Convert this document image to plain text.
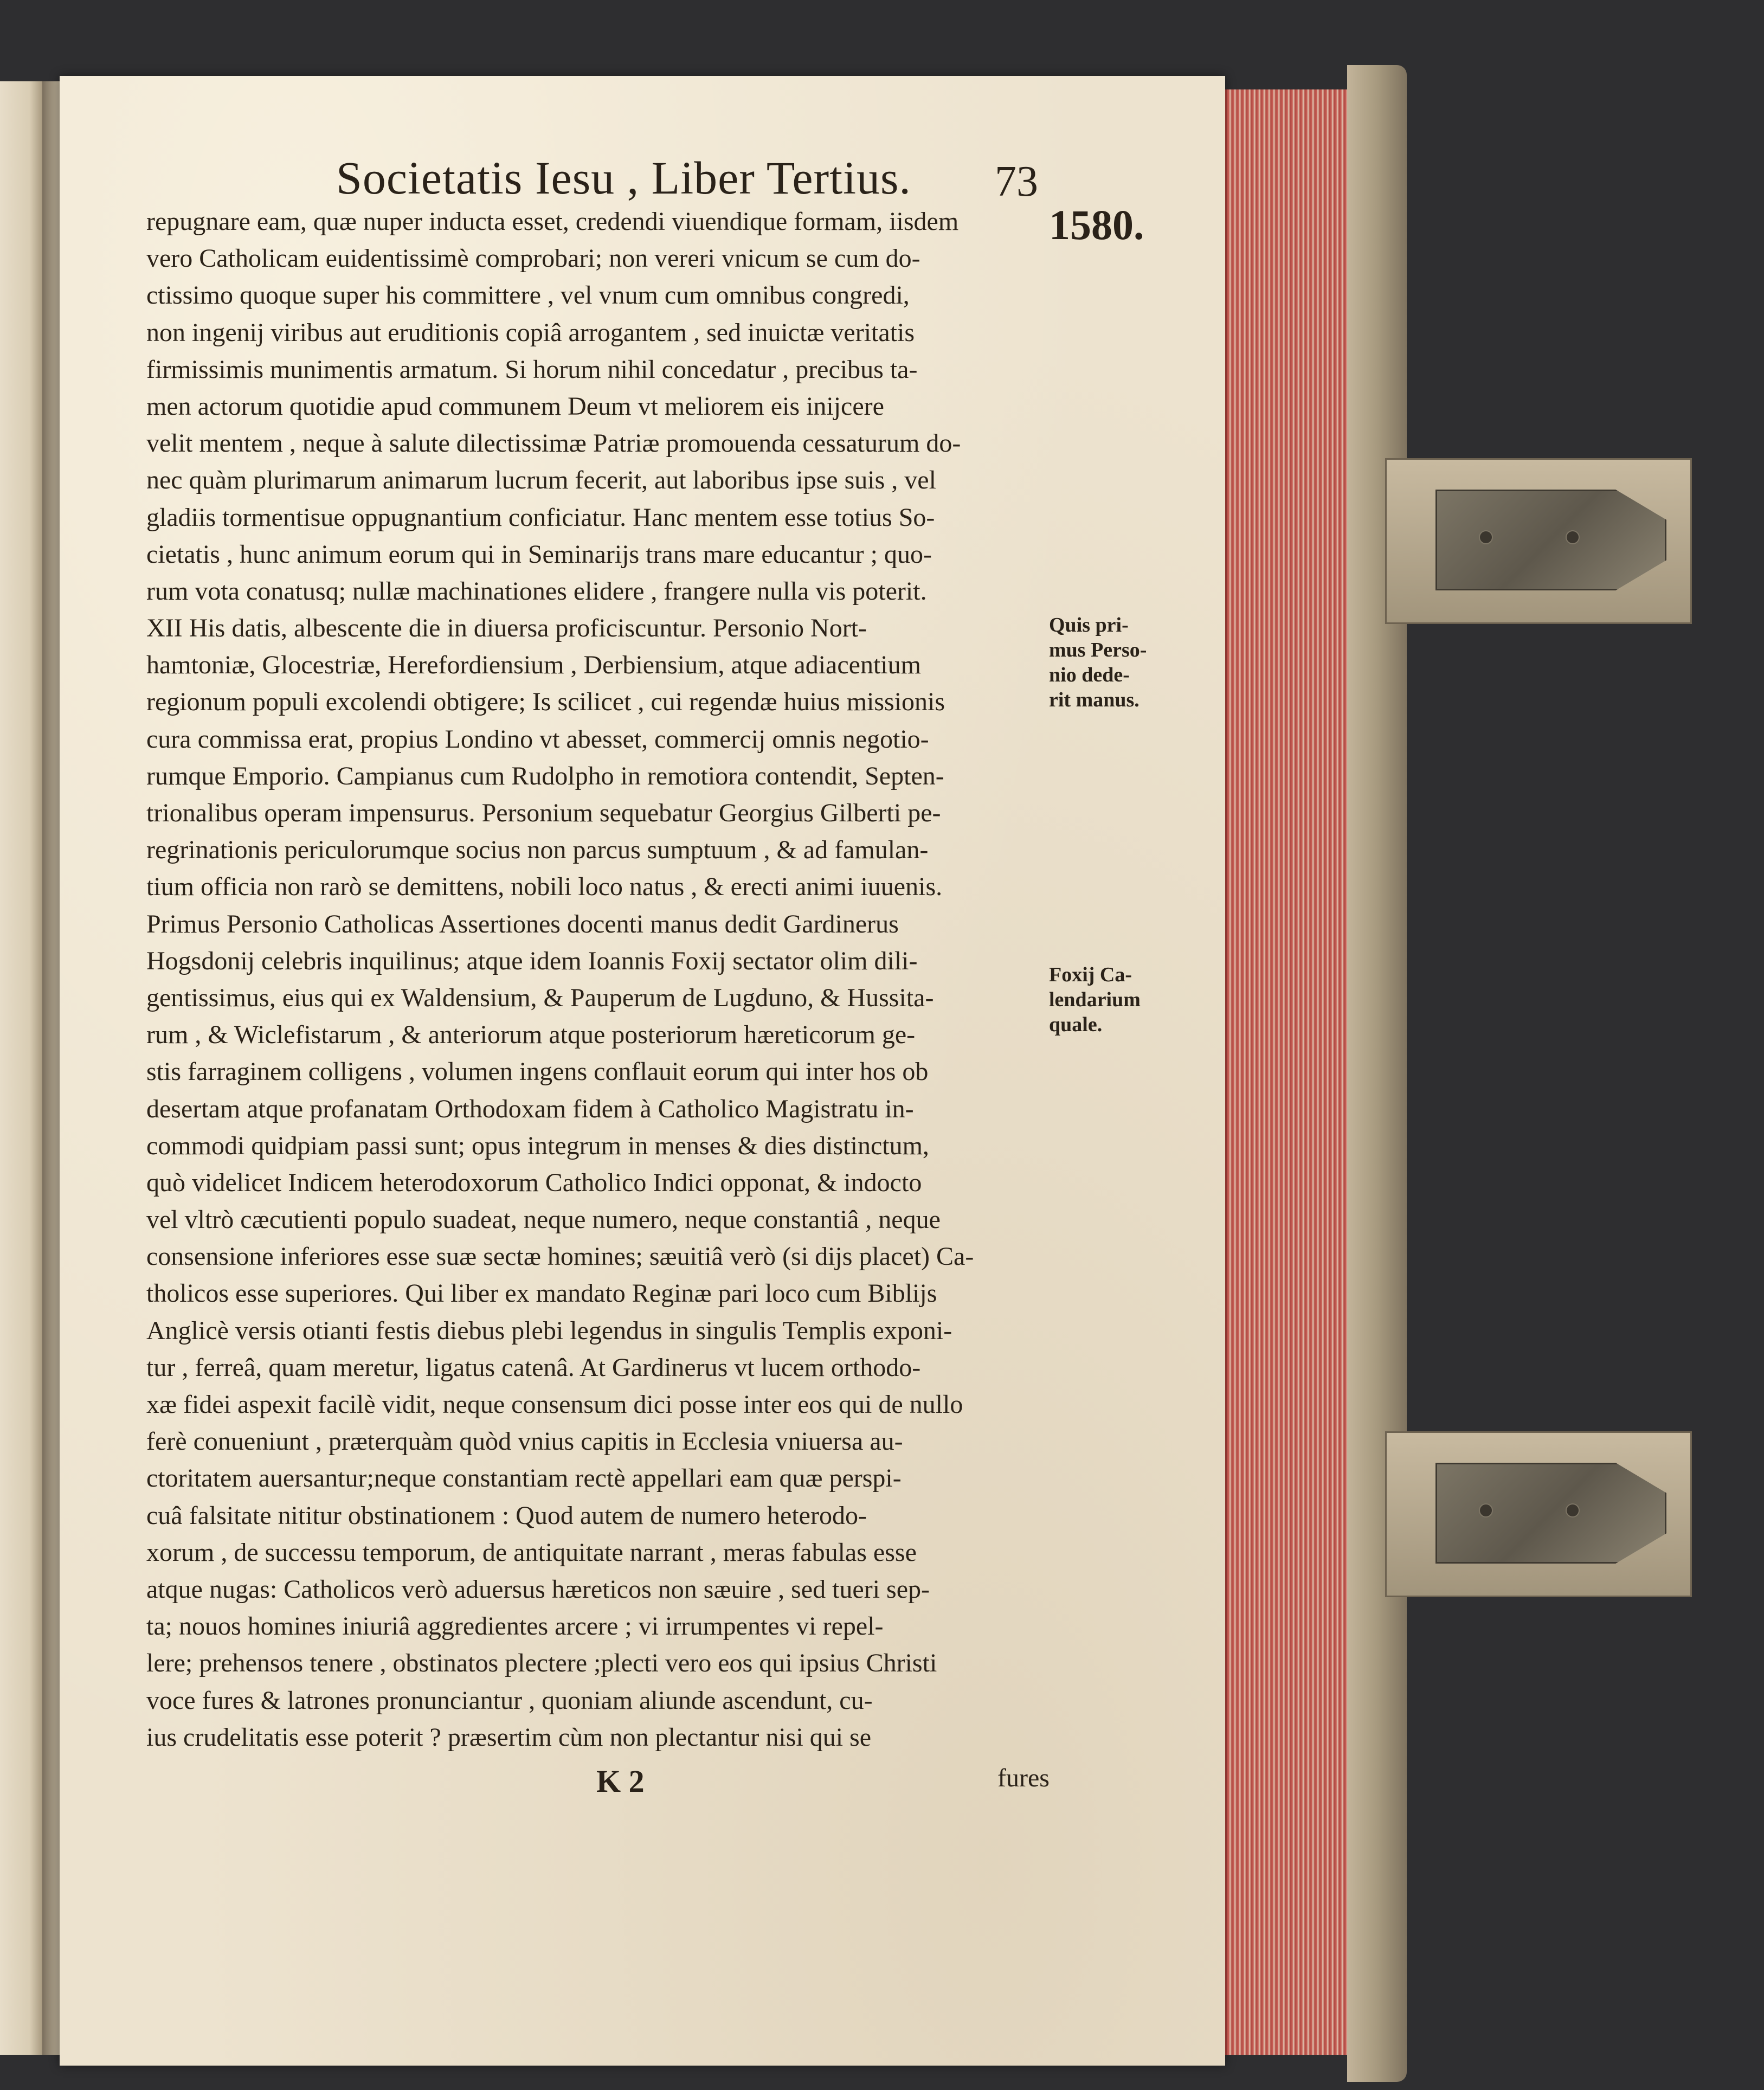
Societatis Iesu , Liber Tertius.	73
1580.
Quis pri-
mus Perso-
nio dede-
rit manus.
Foxij Ca-
lendarium
quale.
repugnare eam, quæ nuper inducta esset, credendi viuendique formam, iisdem
vero Catholicam euidentissimè comprobari; non vereri vnicum se cum do-
ctissimo quoque super his committere , vel vnum cum omnibus congredi,
non ingenij viribus aut eruditionis copiâ arrogantem , sed inuictæ veritatis
firmissimis munimentis armatum. Si horum nihil concedatur , precibus ta-
men actorum quotidie apud communem Deum vt meliorem eis inijcere
velit mentem , neque à salute dilectissimæ Patriæ promouenda cessaturum do-
nec quàm plurimarum animarum lucrum fecerit, aut laboribus ipse suis , vel
gladiis tormentisue oppugnantium conficiatur. Hanc mentem esse totius So-
cietatis , hunc animum eorum qui in Seminarijs trans mare educantur ; quo-
rum vota conatusq; nullæ machinationes elidere , frangere nulla vis poterit.
XII His datis, albescente die in diuersa proficiscuntur. Personio Nort-
hamtoniæ, Glocestriæ, Herefordiensium , Derbiensium, atque adiacentium
regionum populi excolendi obtigere; Is scilicet , cui regendæ huius missionis
cura commissa erat, propius Londino vt abesset, commercij omnis negotio-
rumque Emporio. Campianus cum Rudolpho in remotiora contendit, Septen-
trionalibus operam impensurus. Personium sequebatur Georgius Gilberti pe-
regrinationis periculorumque socius non parcus sumptuum , & ad famulan-
tium officia non rarò se demittens, nobili loco natus , & erecti animi iuuenis.
Primus Personio Catholicas Assertiones docenti manus dedit Gardinerus
Hogsdonij celebris inquilinus; atque idem Ioannis Foxij sectator olim dili-
gentissimus, eius qui ex Waldensium, & Pauperum de Lugduno, & Hussita-
rum , & Wiclefistarum , & anteriorum atque posteriorum hæreticorum ge-
stis farraginem colligens , volumen ingens conflauit eorum qui inter hos ob
desertam atque profanatam Orthodoxam fidem à Catholico Magistratu in-
commodi quidpiam passi sunt; opus integrum in menses & dies distinctum,
quò videlicet Indicem heterodoxorum Catholico Indici opponat, & indocto
vel vltrò cæcutienti populo suadeat, neque numero, neque constantiâ , neque
consensione inferiores esse suæ sectæ homines; sæuitiâ verò (si dijs placet) Ca-
tholicos esse superiores. Qui liber ex mandato Reginæ pari loco cum Biblijs
Anglicè versis otianti festis diebus plebi legendus in singulis Templis exponi-
tur , ferreâ, quam meretur, ligatus catenâ. At Gardinerus vt lucem orthodo-
xæ fidei aspexit facilè vidit, neque consensum dici posse inter eos qui de nullo
ferè conueniunt , præterquàm quòd vnius capitis in Ecclesia vniuersa au-
ctoritatem auersantur;neque constantiam rectè appellari eam quæ perspi-
cuâ falsitate nititur obstinationem : Quod autem de numero heterodo-
xorum , de successu temporum, de antiquitate narrant , meras fabulas esse
atque nugas: Catholicos verò aduersus hæreticos non sæuire , sed tueri sep-
ta; nouos homines iniuriâ aggredientes arcere ; vi irrumpentes vi repel-
lere; prehensos tenere , obstinatos plectere ;plecti vero eos qui ipsius Christi
voce fures & latrones pronunciantur , quoniam aliunde ascendunt, cu-
ius crudelitatis esse poterit ? præsertim cùm non plectantur nisi qui se
K 2	fures
